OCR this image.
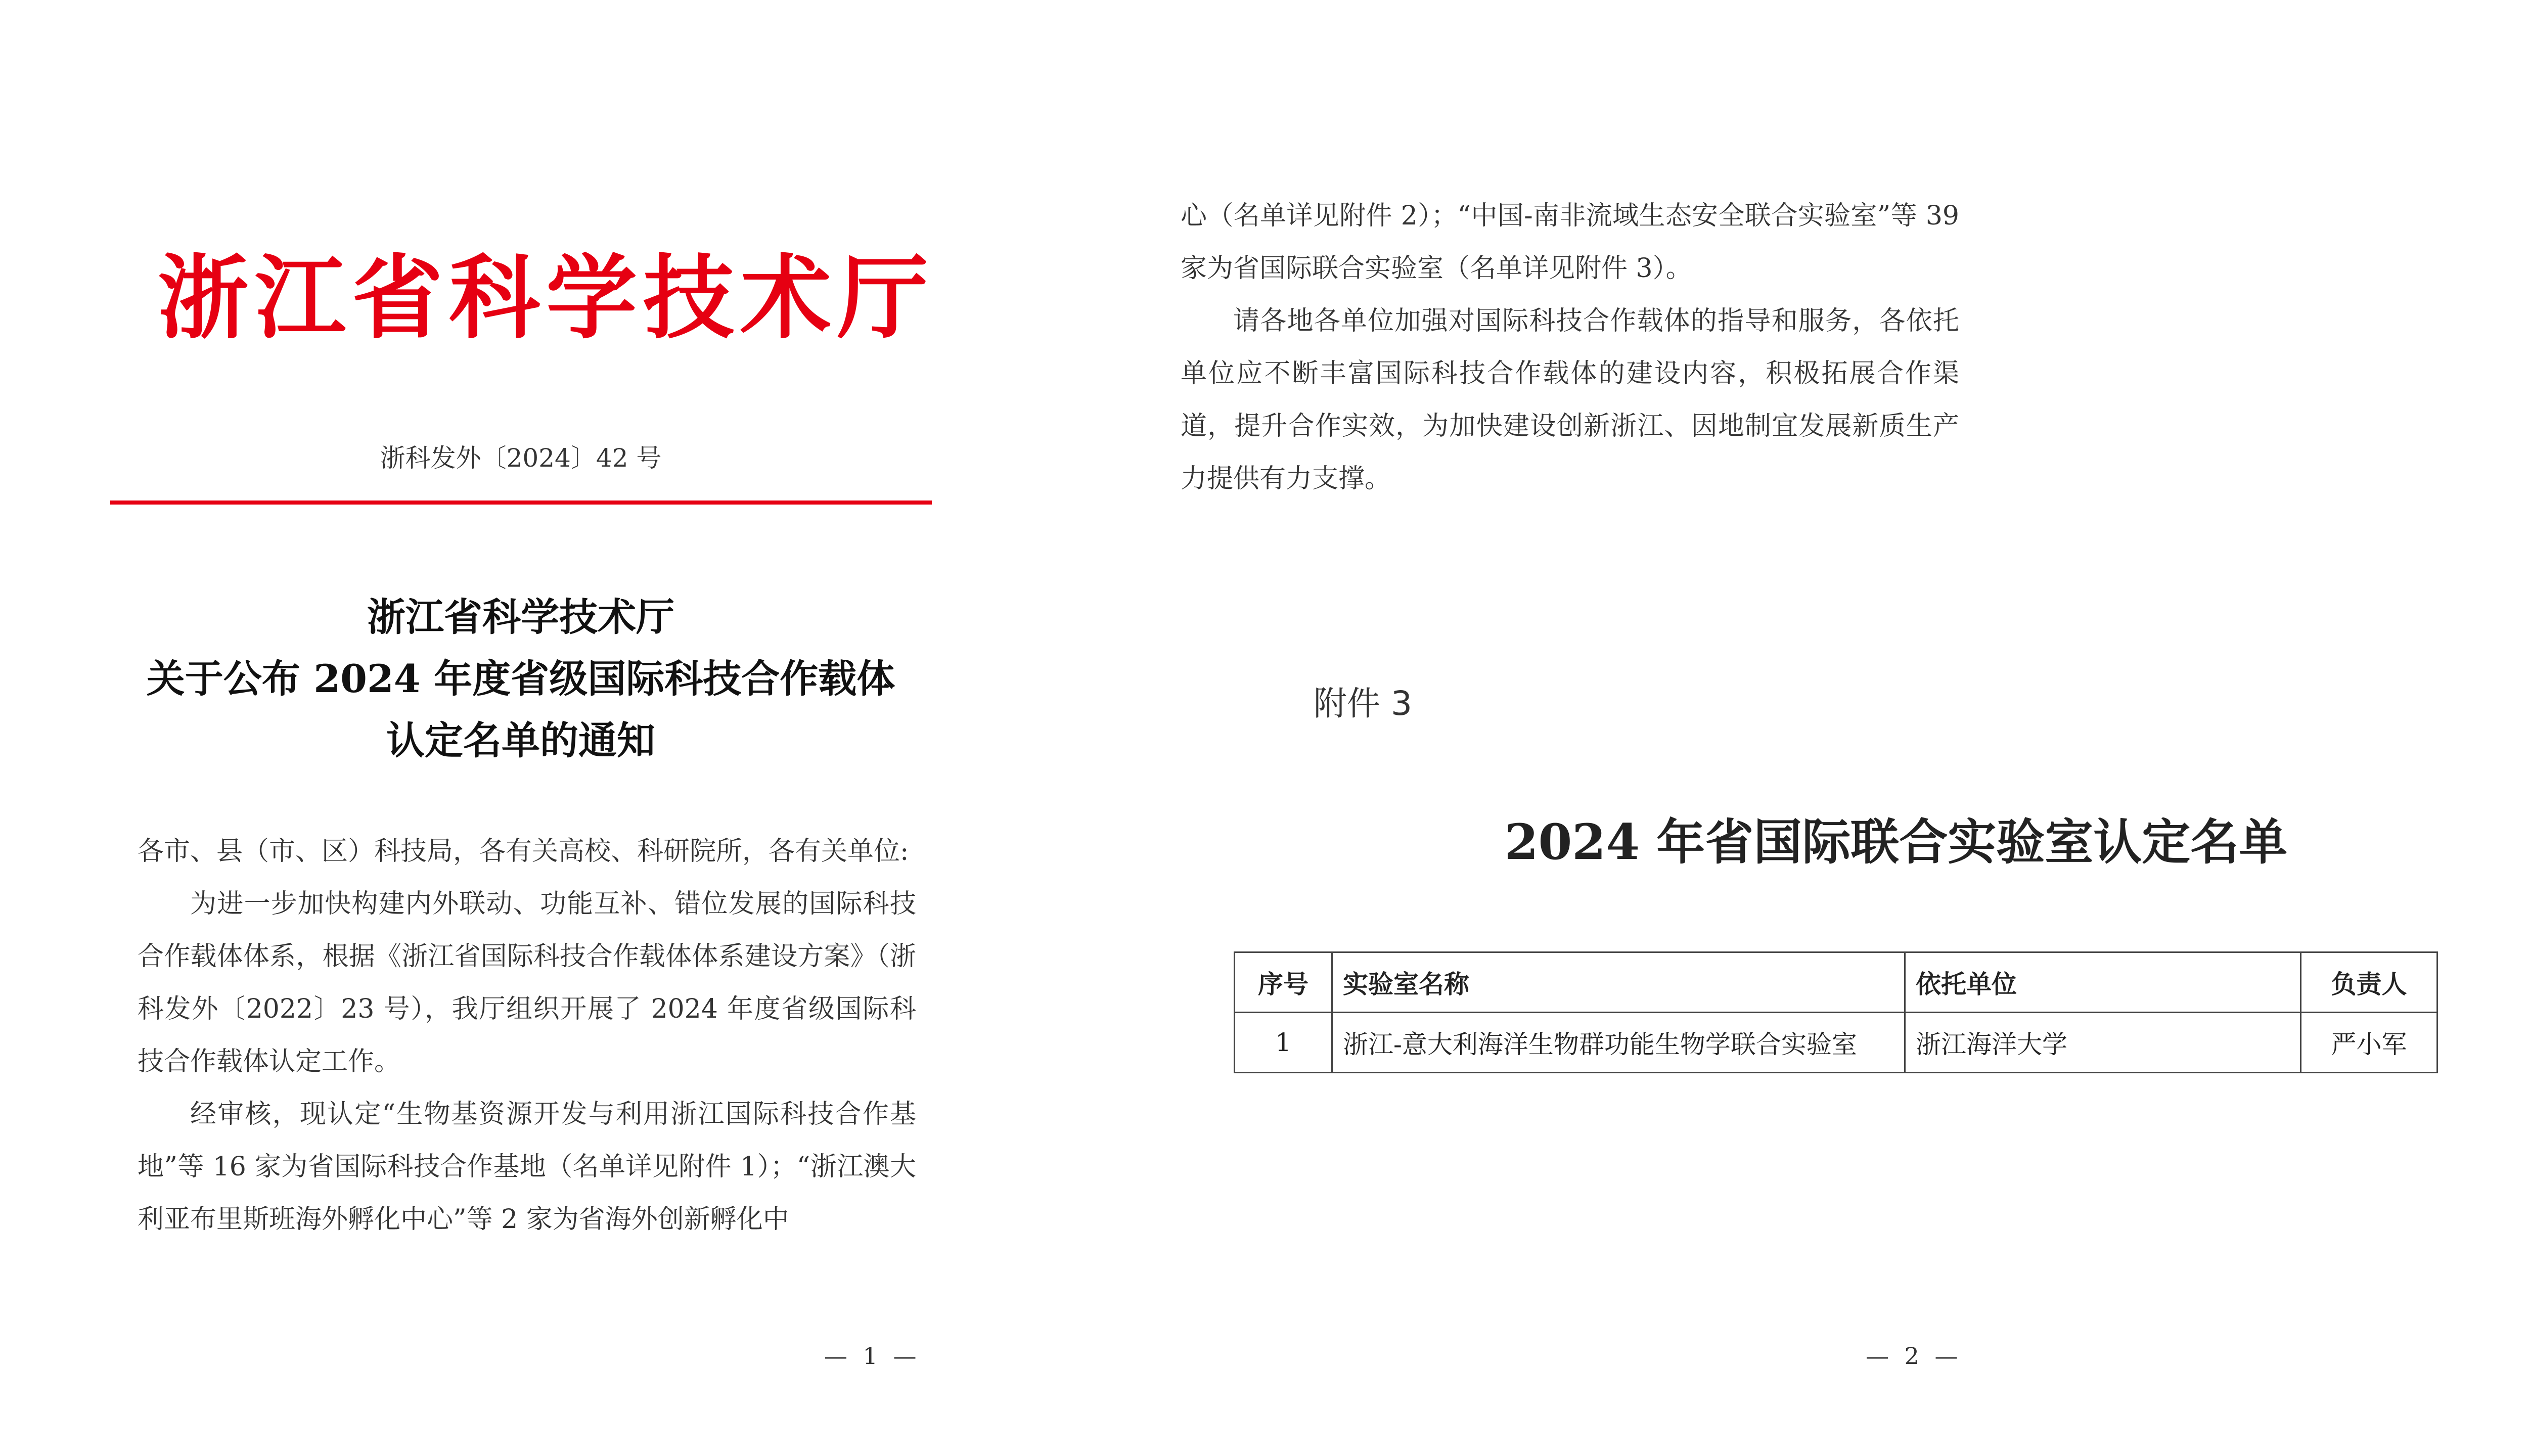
浙江省科学技术厅
浙科发外〔2024〕42 号
浙江省科学技术厅
关于公布 2024 年度省级国际科技合作载体
认定名单的通知

各市、县（市、区）科技局，各有关高校、科研院所，各有关单位:

为进一步加快构建内外联动、功能互补、错位发展的国际科技合作载体体系，根据《浙江省国际科技合作载体体系建设方案》（浙科发外〔2022〕23 号），我厅组织开展了 2024 年度省级国际科技合作载体认定工作。

经审核，现认定“生物基资源开发与利用浙江国际科技合作基地”等 16 家为省国际科技合作基地（名单详见附件 1）；“浙江澳大利亚布里斯班海外孵化中心”等 2 家为省海外创新孵化中

— 1 —	— 2 —

心（名单详见附件 2）；“中国-南非流域生态安全联合实验室”等 39 家为省国际联合实验室（名单详见附件 3）。

请各地各单位加强对国际科技合作载体的指导和服务，各依托单位应不断丰富国际科技合作载体的建设内容，积极拓展合作渠道，提升合作实效，为加快建设创新浙江、因地制宜发展新质生产力提供有力支撑。

附件 3
2024 年省国际联合实验室认定名单
序号	实验室名称	依托单位	负责人
1	浙江-意大利海洋生物群功能生物学联合实验室	浙江海洋大学	严小军
